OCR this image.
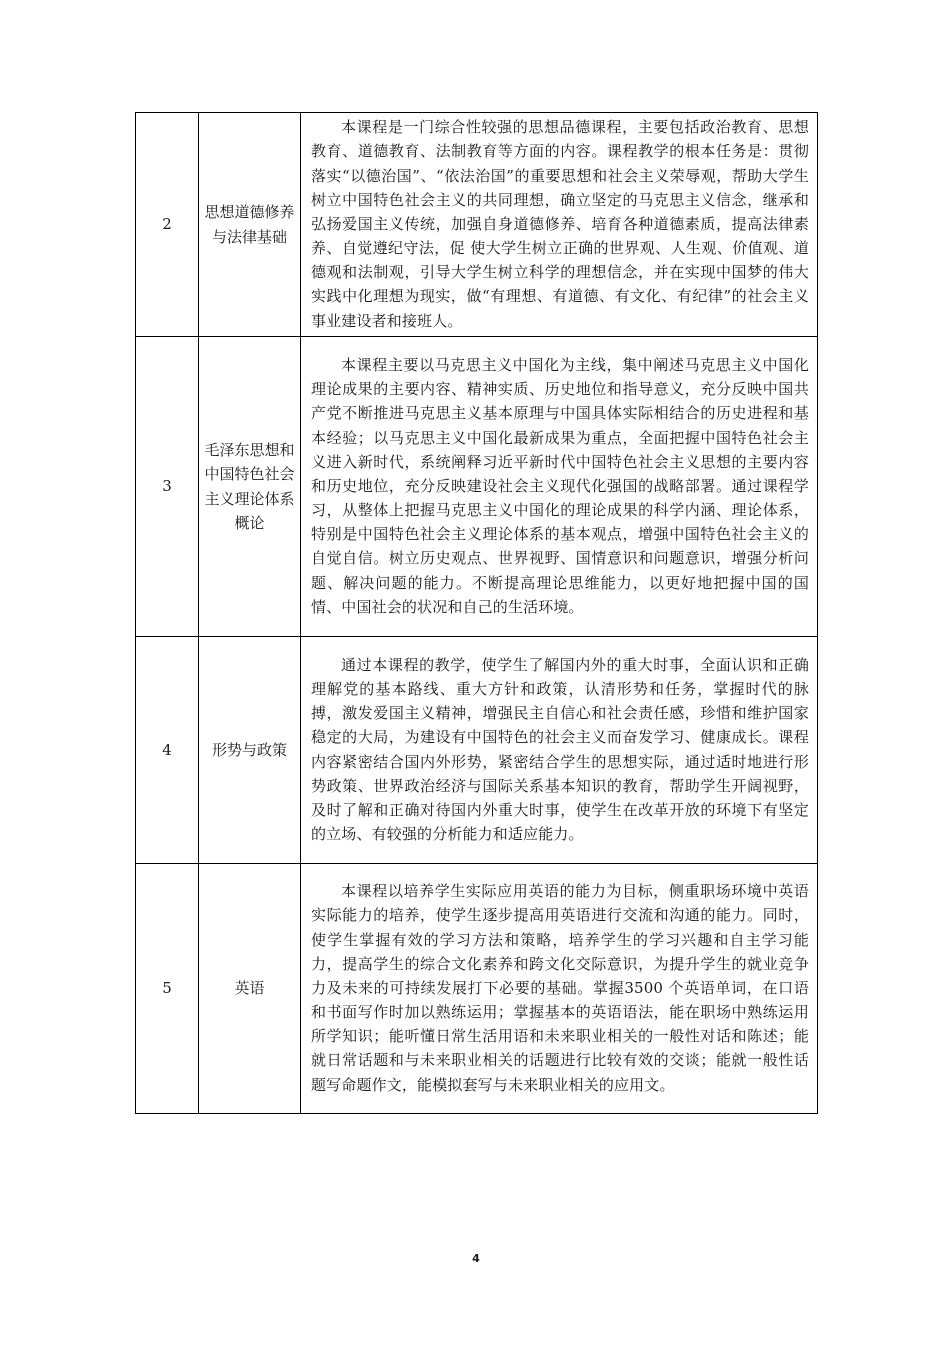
2	思想道德修养与法律基础	本课程是一门综合性较强的思想品德课程，主要包括政治教育、思想教育、道德教育、法制教育等方面的内容。课程教学的根本任务是：贯彻落实“以德治国”、“依法治国”的重要思想和社会主义荣辱观，帮助大学生树立中国特色社会主义的共同理想，确立坚定的马克思主义信念，继承和弘扬爱国主义传统，加强自身道德修养、培育各种道德素质，提高法律素养、自觉遵纪守法，促 使大学生树立正确的世界观、人生观、价值观、道德观和法制观，引导大学生树立科学的理想信念，并在实现中国梦的伟大实践中化理想为现实，做“有理想、有道德、有文化、有纪律”的社会主义事业建设者和接班人。

3	毛泽东思想和中国特色社会主义理论体系概论	本课程主要以马克思主义中国化为主线，集中阐述马克思主义中国化理论成果的主要内容、精神实质、历史地位和指导意义，充分反映中国共产党不断推进马克思主义基本原理与中国具体实际相结合的历史进程和基本经验；以马克思主义中国化最新成果为重点，全面把握中国特色社会主义进入新时代，系统阐释习近平新时代中国特色社会主义思想的主要内容和历史地位，充分反映建设社会主义现代化强国的战略部署。通过课程学习，从整体上把握马克思主义中国化的理论成果的科学内涵、理论体系，特别是中国特色社会主义理论体系的基本观点，增强中国特色社会主义的自觉自信。树立历史观点、世界视野、国情意识和问题意识，增强分析问题、解决问题的能力。不断提高理论思维能力，以更好地把握中国的国情、中国社会的状况和自己的生活环境。

4	形势与政策	通过本课程的教学，使学生了解国内外的重大时事，全面认识和正确理解党的基本路线、重大方针和政策，认清形势和任务，掌握时代的脉搏，激发爱国主义精神，增强民主自信心和社会责任感，珍惜和维护国家稳定的大局，为建设有中国特色的社会主义而奋发学习、健康成长。课程内容紧密结合国内外形势，紧密结合学生的思想实际，通过适时地进行形势政策、世界政治经济与国际关系基本知识的教育，帮助学生开阔视野，及时了解和正确对待国内外重大时事，使学生在改革开放的环境下有坚定的立场、有较强的分析能力和适应能力。

5	英语	本课程以培养学生实际应用英语的能力为目标，侧重职场环境中英语实际能力的培养，使学生逐步提高用英语进行交流和沟通的能力。同时，使学生掌握有效的学习方法和策略，培养学生的学习兴趣和自主学习能力，提高学生的综合文化素养和跨文化交际意识，为提升学生的就业竞争力及未来的可持续发展打下必要的基础。掌握3500 个英语单词，在口语和书面写作时加以熟练运用；掌握基本的英语语法，能在职场中熟练运用所学知识；能听懂日常生活用语和未来职业相关的一般性对话和陈述；能就日常话题和与未来职业相关的话题进行比较有效的交谈；能就一般性话题写命题作文，能模拟套写与未来职业相关的应用文。
4
